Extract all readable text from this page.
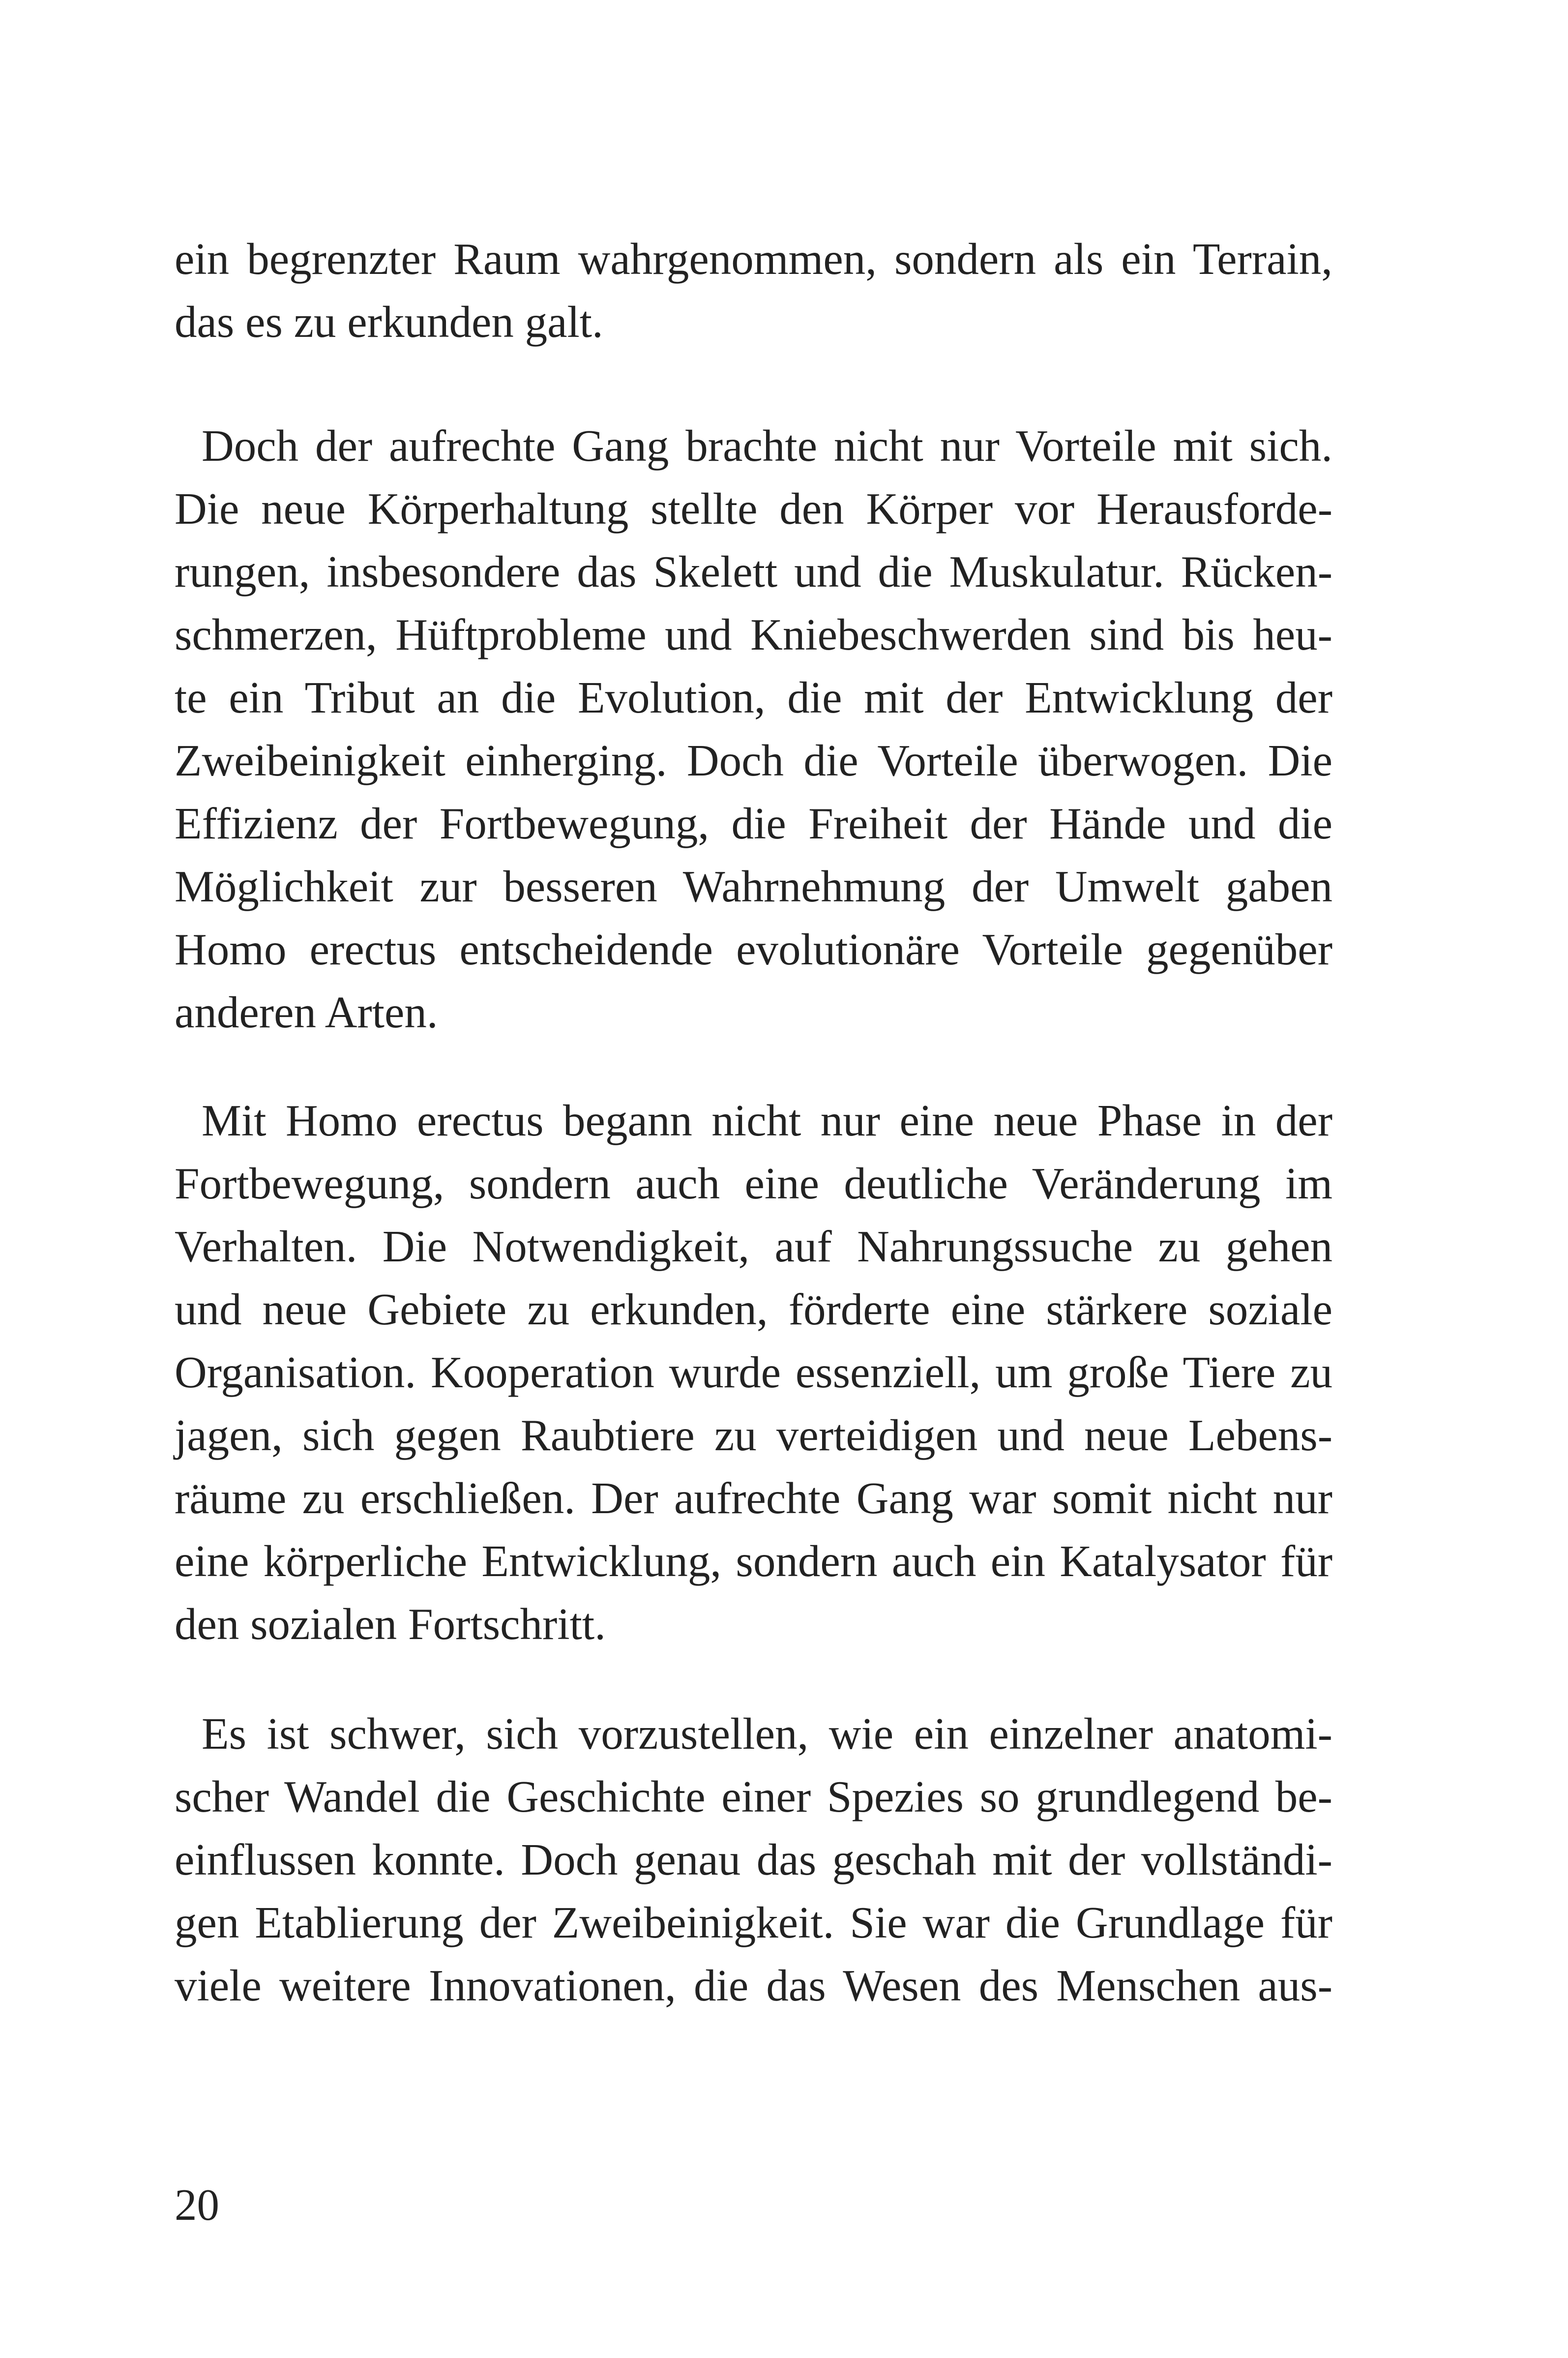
ein begrenzter Raum wahrgenommen, sondern als ein Terrain,
das es zu erkunden galt.
Doch der aufrechte Gang brachte nicht nur Vorteile mit sich.
Die neue Körperhaltung stellte den Körper vor Herausforde-
rungen, insbesondere das Skelett und die Muskulatur. Rücken-
schmerzen, Hüftprobleme und Kniebeschwerden sind bis heu-
te ein Tribut an die Evolution, die mit der Entwicklung der
Zweibeinigkeit einherging. Doch die Vorteile überwogen. Die
Effizienz der Fortbewegung, die Freiheit der Hände und die
Möglichkeit zur besseren Wahrnehmung der Umwelt gaben
Homo erectus entscheidende evolutionäre Vorteile gegenüber
anderen Arten.
Mit Homo erectus begann nicht nur eine neue Phase in der
Fortbewegung, sondern auch eine deutliche Veränderung im
Verhalten. Die Notwendigkeit, auf Nahrungssuche zu gehen
und neue Gebiete zu erkunden, förderte eine stärkere soziale
Organisation. Kooperation wurde essenziell, um große Tiere zu
jagen, sich gegen Raubtiere zu verteidigen und neue Lebens-
räume zu erschließen. Der aufrechte Gang war somit nicht nur
eine körperliche Entwicklung, sondern auch ein Katalysator für
den sozialen Fortschritt.
Es ist schwer, sich vorzustellen, wie ein einzelner anatomi-
scher Wandel die Geschichte einer Spezies so grundlegend be-
einflussen konnte. Doch genau das geschah mit der vollständi-
gen Etablierung der Zweibeinigkeit. Sie war die Grundlage für
viele weitere Innovationen, die das Wesen des Menschen aus-

20
